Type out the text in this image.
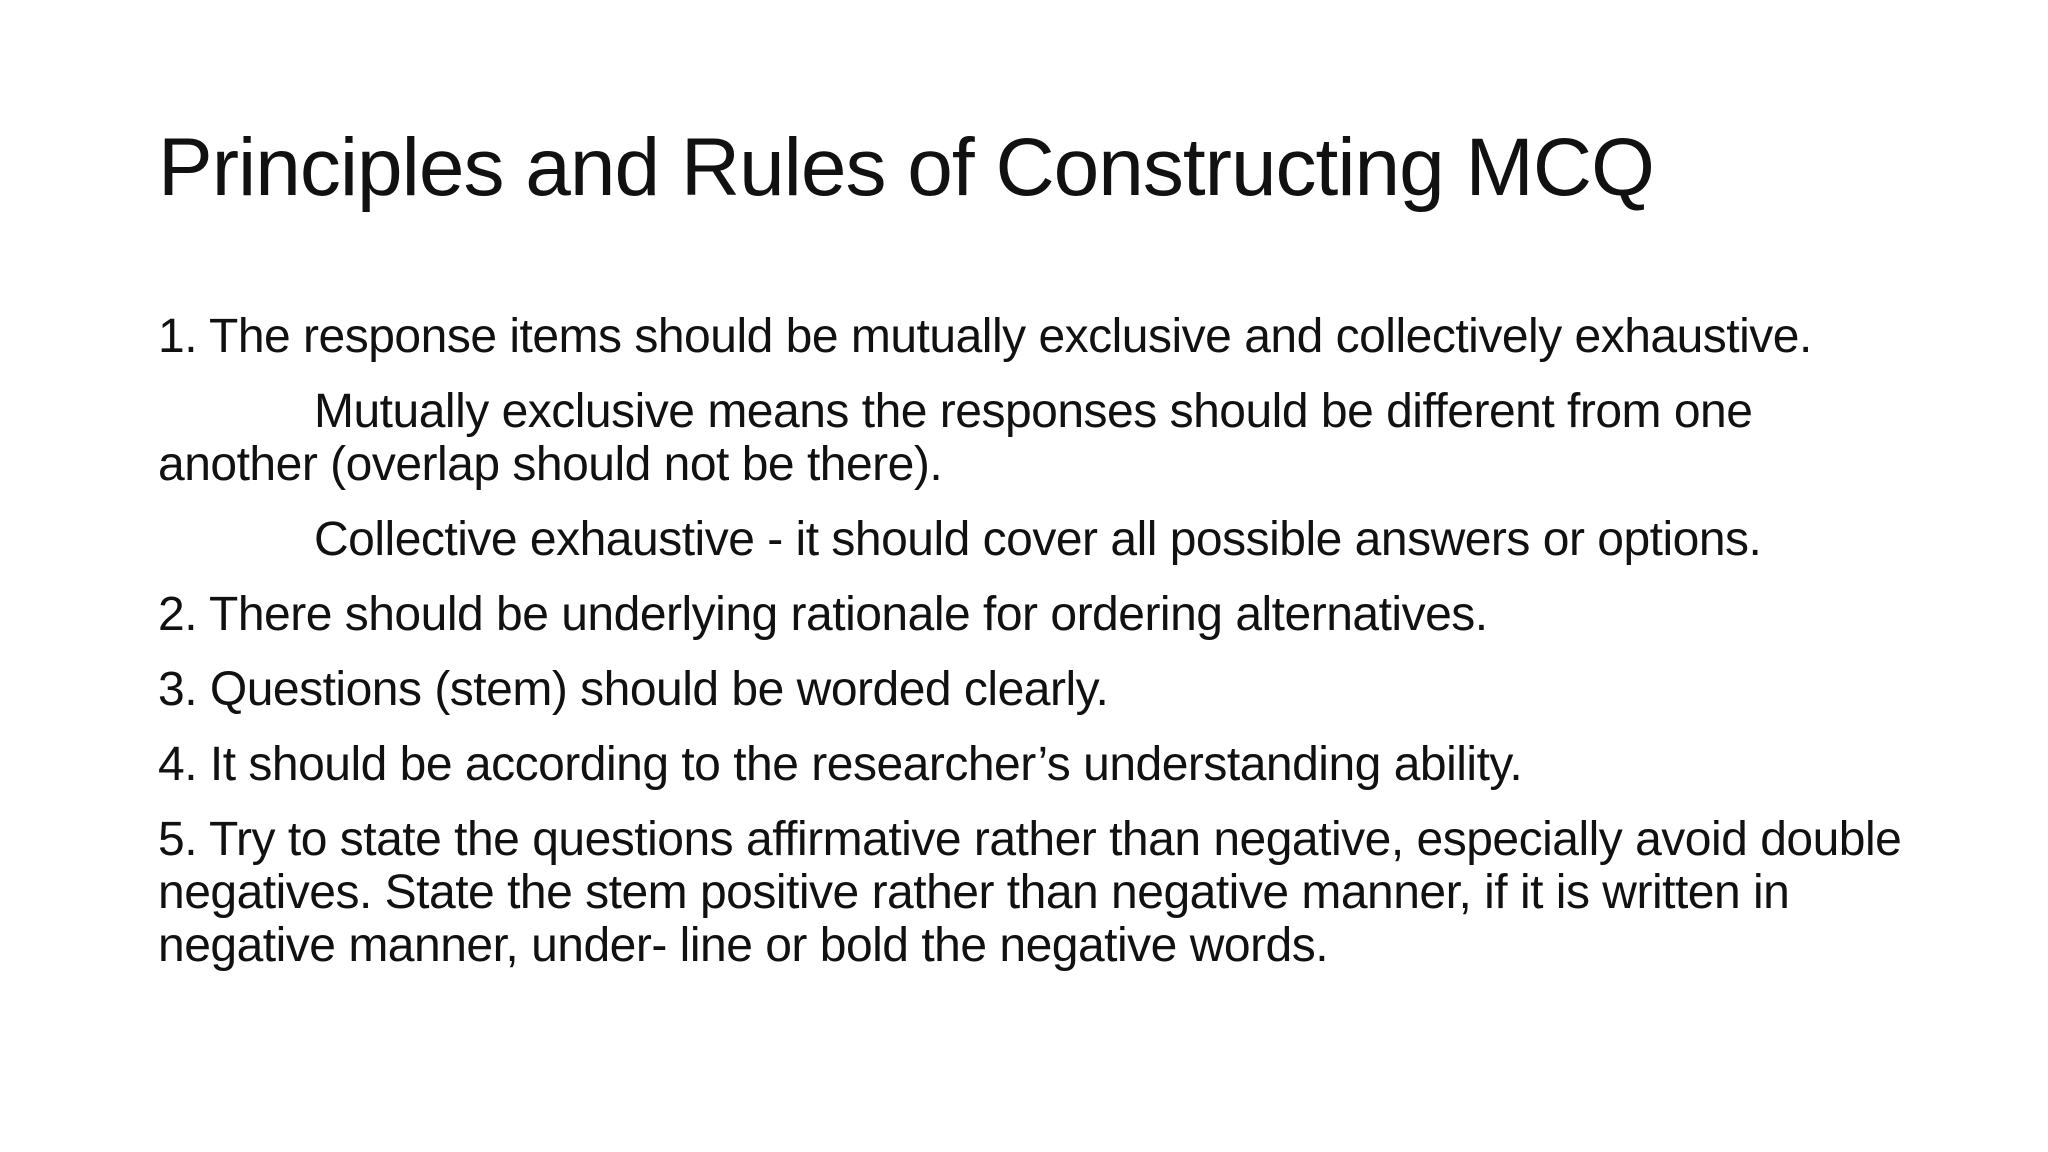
Principles and Rules of Constructing MCQ

1. The response items should be mutually exclusive and collectively exhaustive.

Mutually exclusive means the responses should be different from one another (overlap should not be there).

Collective exhaustive - it should cover all possible answers or options.

2. There should be underlying rationale for ordering alternatives.

3. Questions (stem) should be worded clearly.

4. It should be according to the researcher’s understanding ability.

5. Try to state the questions affirmative rather than negative, especially avoid double negatives. State the stem positive rather than negative manner, if it is written in negative manner, under- line or bold the negative words.
